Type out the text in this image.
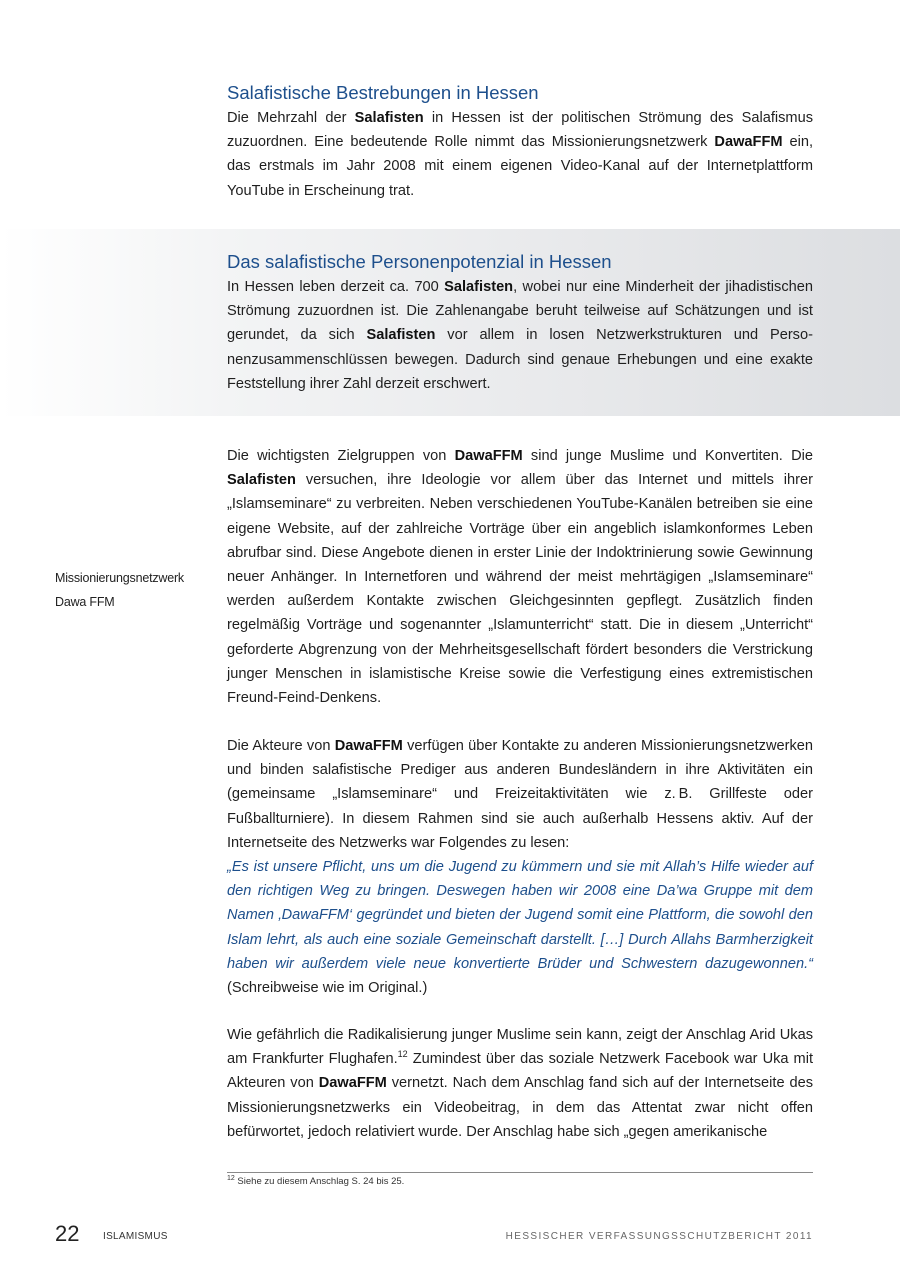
Salafistische Bestrebungen in Hessen

Die Mehrzahl der Salafisten in Hessen ist der politischen Strömung des Salafismus zuzuordnen. Eine bedeutende Rolle nimmt das Missionierungsnetzwerk DawaFFM ein, das erstmals im Jahr 2008 mit einem eigenen Video-Kanal auf der Internetplattform YouTube in Erscheinung trat.

Das salafistische Personenpotenzial in Hessen

In Hessen leben derzeit ca. 700 Salafisten, wobei nur eine Minderheit der jihadistischen Strömung zuzuordnen ist. Die Zahlenangabe beruht teilweise auf Schätzungen und ist gerundet, da sich Salafisten vor allem in losen Netzwerkstrukturen und Personenzusammenschlüssen bewegen. Dadurch sind genaue Erhebungen und eine exakte Feststellung ihrer Zahl derzeit erschwert.

Missionierungsnetzwerk
Dawa FFM

Die wichtigsten Zielgruppen von DawaFFM sind junge Muslime und Konvertiten. Die Salafisten versuchen, ihre Ideologie vor allem über das Internet und mittels ihrer „Islamseminare“ zu verbreiten. Neben verschiedenen YouTube-Kanälen betreiben sie eine eigene Website, auf der zahlreiche Vorträge über ein angeblich islamkonformes Leben abrufbar sind. Diese Angebote dienen in erster Linie der Indoktrinierung sowie Gewinnung neuer Anhänger. In Internetforen und während der meist mehrtägigen „Islamseminare“ werden außerdem Kontakte zwischen Gleichgesinnten gepflegt. Zusätzlich finden regelmäßig Vorträge und sogenannter „Islamunterricht“ statt. Die in diesem „Unterricht“ geforderte Abgrenzung von der Mehrheitsgesellschaft fördert besonders die Verstrickung junger Menschen in islamistische Kreise sowie die Verfestigung eines extremistischen Freund-Feind-Denkens.

Die Akteure von DawaFFM verfügen über Kontakte zu anderen Missionierungsnetzwerken und binden salafistische Prediger aus anderen Bundesländern in ihre Aktivitäten ein (gemeinsame „Islamseminare“ und Freizeitaktivitäten wie z. B. Grillfeste oder Fußballturniere). In diesem Rahmen sind sie auch außerhalb Hessens aktiv. Auf der Internetseite des Netzwerks war Folgendes zu lesen:
„Es ist unsere Pflicht, uns um die Jugend zu kümmern und sie mit Allah’s Hilfe wieder auf den richtigen Weg zu bringen. Deswegen haben wir 2008 eine Da’wa Gruppe mit dem Namen ‚DawaFFM‘ gegründet und bieten der Jugend somit eine Plattform, die sowohl den Islam lehrt, als auch eine soziale Gemeinschaft darstellt. […] Durch Allahs Barmherzigkeit haben wir außerdem viele neue konvertierte Brüder und Schwestern dazugewonnen.“ (Schreibweise wie im Original.)

Wie gefährlich die Radikalisierung junger Muslime sein kann, zeigt der Anschlag Arid Ukas am Frankfurter Flughafen.$^{12}$ Zumindest über das soziale Netzwerk Facebook war Uka mit Akteuren von DawaFFM vernetzt. Nach dem Anschlag fand sich auf der Internetseite des Missionierungsnetzwerks ein Videobeitrag, in dem das Attentat zwar nicht offen befürwortet, jedoch relativiert wurde. Der Anschlag habe sich „gegen amerikanische

$^{12}$ Siehe zu diesem Anschlag S. 24 bis 25.
22 ISLAMISMUS	HESSISCHER VERFASSUNGSSCHUTZBERICHT 2011
